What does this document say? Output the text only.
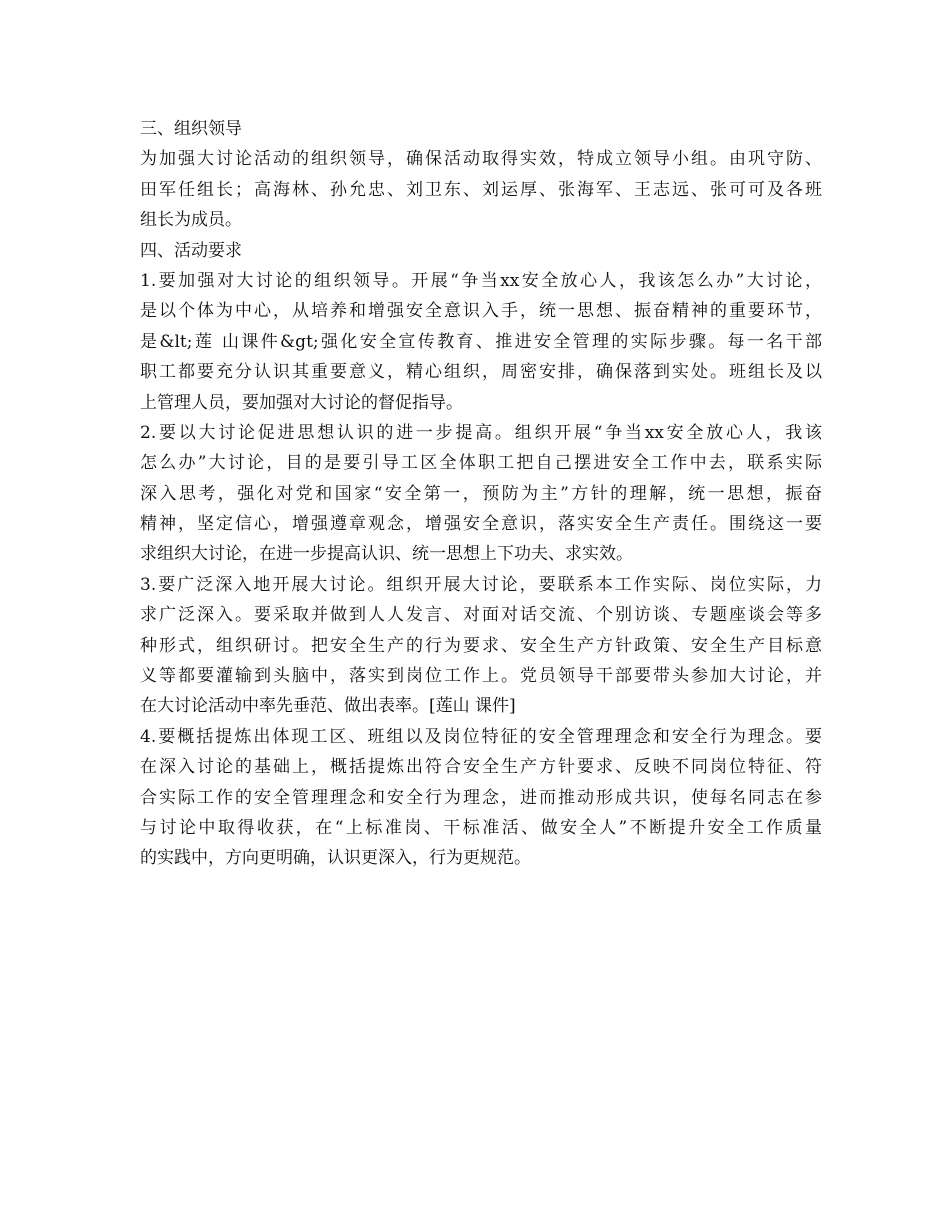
三、组织领导
为加强大讨论活动的组织领导，确保活动取得实效，特成立领导小组。由巩守防、
田军任组长；高海林、孙允忠、刘卫东、刘运厚、张海军、王志远、张可可及各班
组长为成员。
四、活动要求
1.要加强对大讨论的组织领导。开展“争当xx安全放心人，我该怎么办”大讨论，
是以个体为中心，从培养和增强安全意识入手，统一思想、振奋精神的重要环节，
是&lt;莲 山课件&gt;强化安全宣传教育、推进安全管理的实际步骤。每一名干部
职工都要充分认识其重要意义，精心组织，周密安排，确保落到实处。班组长及以
上管理人员，要加强对大讨论的督促指导。
2.要以大讨论促进思想认识的进一步提高。组织开展“争当xx安全放心人，我该
怎么办”大讨论，目的是要引导工区全体职工把自己摆进安全工作中去，联系实际
深入思考，强化对党和国家“安全第一，预防为主”方针的理解，统一思想，振奋
精神，坚定信心，增强遵章观念，增强安全意识，落实安全生产责任。围绕这一要
求组织大讨论，在进一步提高认识、统一思想上下功夫、求实效。
3.要广泛深入地开展大讨论。组织开展大讨论，要联系本工作实际、岗位实际，力
求广泛深入。要采取并做到人人发言、对面对话交流、个别访谈、专题座谈会等多
种形式，组织研讨。把安全生产的行为要求、安全生产方针政策、安全生产目标意
义等都要灌输到头脑中，落实到岗位工作上。党员领导干部要带头参加大讨论，并
在大讨论活动中率先垂范、做出表率。[莲山 课件]
4.要概括提炼出体现工区、班组以及岗位特征的安全管理理念和安全行为理念。要
在深入讨论的基础上，概括提炼出符合安全生产方针要求、反映不同岗位特征、符
合实际工作的安全管理理念和安全行为理念，进而推动形成共识，使每名同志在参
与讨论中取得收获，在“上标准岗、干标准活、做安全人”不断提升安全工作质量
的实践中，方向更明确，认识更深入，行为更规范。
